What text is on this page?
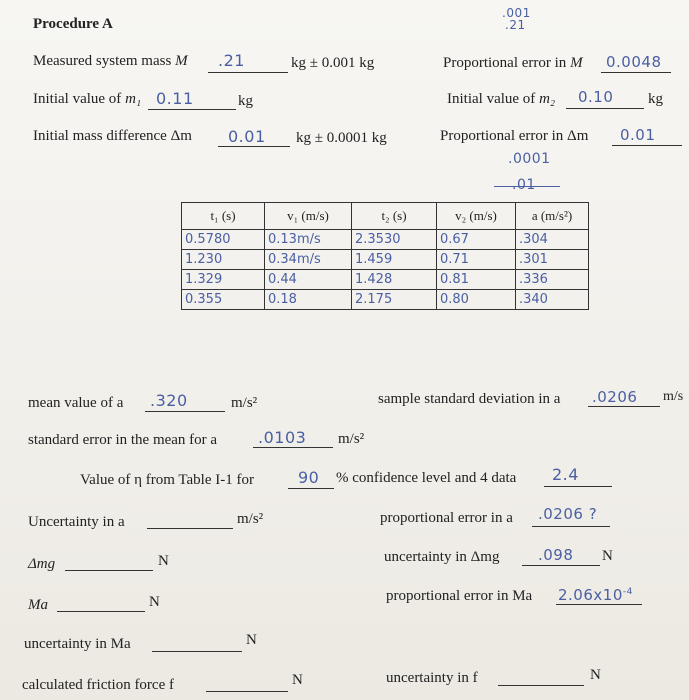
Procedure A
.001
.21
Measured system mass M .21	kg ± 0.001 kg	Proportional error in M 0.0048
Initial value of m₁ 0.11	kg	Initial value of m₂ 0.10 kg
Initial mass difference Δm 0.01 kg ± 0.0001 kg	Proportional error in Δm 0.01
.0001
.01
t₁ (s)	v₁ (m/s)	t₂ (s)	v₂ (m/s)	a (m/s²)
0.5780	0.13m/s	2.3530	0.67	.304
1.230	0.34m/s	1.459	0.71	.301
1.329	0.44	1.428	0.81	.336
0.355	0.18	2.175	0.80	.340
mean value of a .320	m/s²	sample standard deviation in a .0206 m/s
standard error in the mean for a	.0103 m/s²
Value of η from Table I-1 for	90 % confidence level and 4 data 2.4
Uncertainty in a	m/s²	proportional error in a .0206 ?
Δmg	N	uncertainty in Δmg	.098 N
Ma	N	proportional error in Ma $2.06x10^{-4}$
uncertainty in Ma	N
calculated friction force f	N	uncertainty in f	N
